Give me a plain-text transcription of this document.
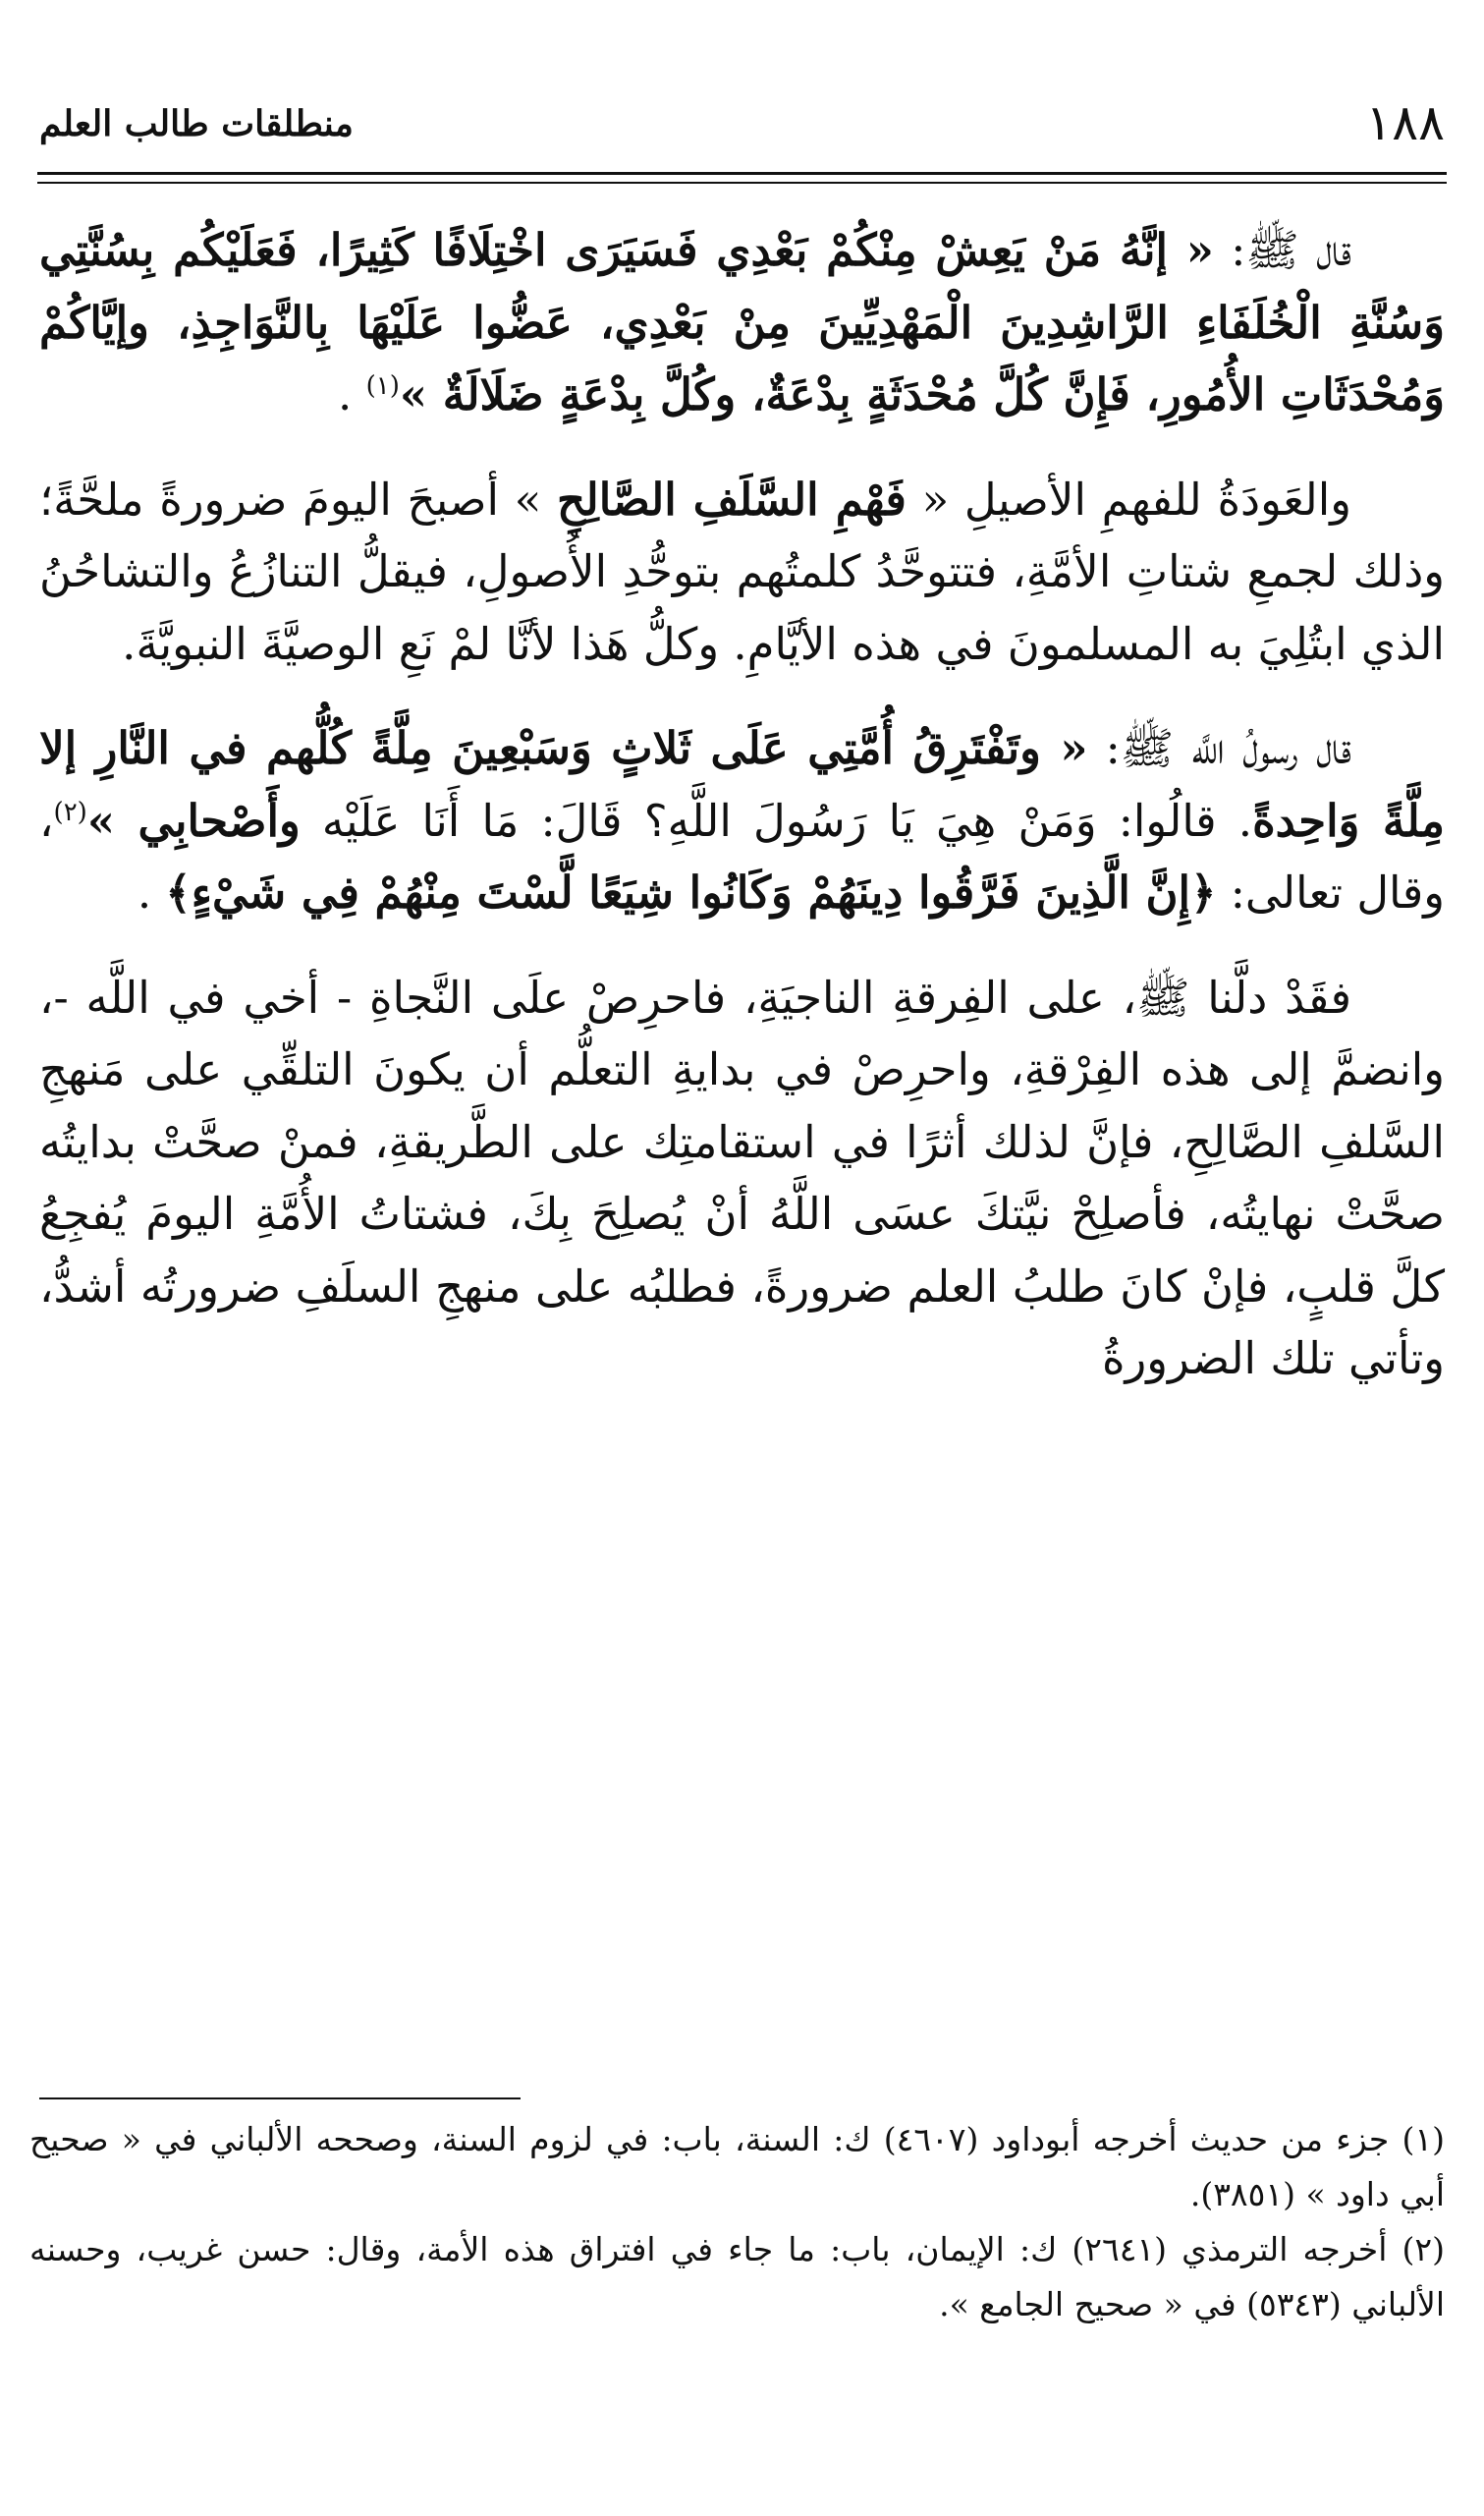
١٨٨
منطلقات طالب العلم

قال ﷺ: « إنَّهُ مَنْ يَعِشْ مِنْكُمْ بَعْدِي فَسَيَرَى اخْتِلَافًا كَثِيرًا، فَعَلَيْكُم بِسُنَّتِي وَسُنَّةِ الْخُلَفَاءِ الرَّاشِدِينَ الْمَهْدِيِّينَ مِنْ بَعْدِي، عَضُّوا عَلَيْهَا بِالنَّوَاجِذِ، وإيَّاكُمْ وَمُحْدَثَاتِ الأُمُورِ، فَإِنَّ كُلَّ مُحْدَثَةٍ بِدْعَةٌ، وكُلَّ بِدْعَةٍ ضَلَالَةٌ »$^{(١)}$ .

والعَودَةُ للفهمِ الأصيلِ « فَهْمِ السَّلَفِ الصَّالِحِ » أصبحَ اليومَ ضرورةً ملحَّةً؛ وذلك لجمعِ شتاتِ الأمَّةِ، فتتوحَّدُ كلمتُهم بتوحُّدِ الأُصولِ، فيقلُّ التنازُعُ والتشاحُنُ الذي ابتُلِيَ به المسلمونَ في هذه الأيَّامِ. وكلُّ هَذا لأنَّا لمْ نَعِ الوصيَّةَ النبويَّةَ.

قال رسولُ اللَّه ﷺ: « وتَفْتَرِقُ أُمَّتِي عَلَى ثَلاثٍ وَسَبْعِينَ مِلَّةً كُلُّهم في النَّارِ إلا مِلَّةً وَاحِدةً. قالُوا: وَمَنْ هِيَ يَا رَسُولَ اللَّهِ؟ قَالَ: مَا أَنَا عَلَيْه وأَصْحابِي »$^{(٢)}$، وقال تعالى: ﴿إِنَّ الَّذِينَ فَرَّقُوا دِينَهُمْ وَكَانُوا شِيَعًا لَّسْتَ مِنْهُمْ فِي شَيْءٍ﴾ .

فقَدْ دلَّنا ﷺ، على الفِرقةِ الناجيَةِ، فاحرِصْ علَى النَّجاةِ - أخي في اللَّه -، وانضمَّ إلى هذه الفِرْقةِ، واحرِصْ في بدايةِ التعلُّم أن يكونَ التلقِّي على مَنهجِ السَّلفِ الصَّالِحِ، فإنَّ لذلك أثرًا في استقامتِك على الطَّريقةِ، فمنْ صحَّتْ بدايتُه صحَّتْ نهايتُه، فأصلِحْ نيَّتكَ عسَى اللَّهُ أنْ يُصلِحَ بِكَ، فشتاتُ الأُمَّةِ اليومَ يُفجِعُ كلَّ قلبٍ، فإنْ كانَ طلبُ العلم ضرورةً، فطلبُه على منهجِ السلَفِ ضرورتُه أشدُّ، وتأتي تلك الضرورةُ

(١) جزء من حديث أخرجه أبوداود (٤٦٠٧) ك: السنة، باب: في لزوم السنة، وصححه الألباني في « صحيح أبي داود » (٣٨٥١).

(٢) أخرجه الترمذي (٢٦٤١) ك: الإيمان، باب: ما جاء في افتراق هذه الأمة، وقال: حسن غريب، وحسنه الألباني (٥٣٤٣) في « صحيح الجامع ».
